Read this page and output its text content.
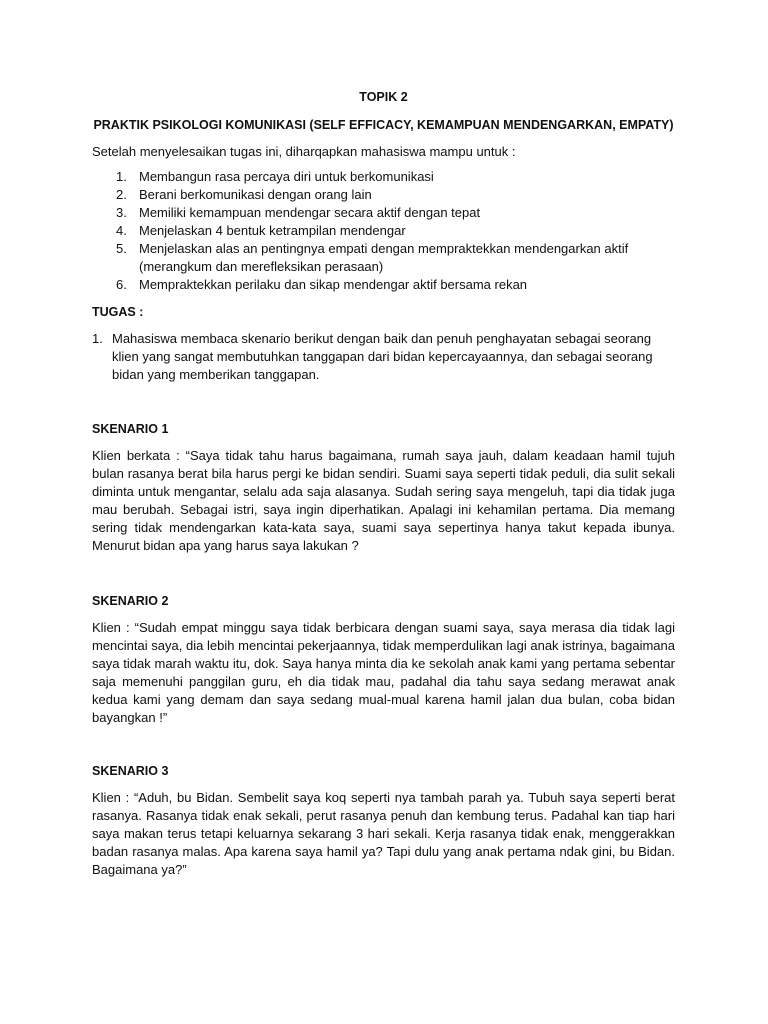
TOPIK 2
PRAKTIK PSIKOLOGI KOMUNIKASI (SELF EFFICACY, KEMAMPUAN MENDENGARKAN, EMPATY)
Setelah menyelesaikan tugas ini, diharqapkan mahasiswa mampu untuk :
1. Membangun rasa percaya diri untuk berkomunikasi
2. Berani berkomunikasi dengan orang lain
3. Memiliki kemampuan mendengar secara aktif dengan tepat
4. Menjelaskan 4 bentuk ketrampilan mendengar
5. Menjelaskan alas an pentingnya empati dengan mempraktekkan mendengarkan aktif (merangkum dan merefleksikan perasaan)
6. Mempraktekkan perilaku dan sikap mendengar aktif bersama rekan
TUGAS :
1. Mahasiswa membaca skenario berikut dengan baik dan penuh penghayatan sebagai seorang klien yang sangat membutuhkan tanggapan dari bidan kepercayaannya, dan sebagai seorang bidan yang memberikan tanggapan.
SKENARIO 1
Klien berkata : “Saya tidak tahu harus bagaimana, rumah saya jauh, dalam keadaan hamil tujuh bulan rasanya berat bila harus pergi ke bidan sendiri. Suami saya seperti tidak peduli, dia sulit sekali diminta untuk mengantar, selalu ada saja alasanya. Sudah sering saya mengeluh, tapi dia tidak juga mau berubah. Sebagai istri, saya ingin diperhatikan. Apalagi ini kehamilan pertama. Dia memang sering tidak mendengarkan kata-kata saya, suami saya sepertinya hanya takut kepada ibunya. Menurut bidan apa yang harus saya lakukan ?
SKENARIO 2
Klien : “Sudah empat minggu saya tidak berbicara dengan suami saya, saya merasa dia tidak lagi mencintai saya, dia lebih mencintai pekerjaannya, tidak memperdulikan lagi anak istrinya, bagaimana saya tidak marah waktu itu, dok. Saya hanya minta dia ke sekolah anak kami yang pertama sebentar saja memenuhi panggilan guru, eh dia tidak mau, padahal dia tahu saya sedang merawat anak kedua kami yang demam dan saya sedang mual-mual karena hamil jalan dua bulan, coba bidan bayangkan !”
SKENARIO 3
Klien : “Aduh, bu Bidan. Sembelit saya koq seperti nya tambah parah ya. Tubuh saya seperti berat rasanya. Rasanya tidak enak sekali, perut rasanya penuh dan kembung terus. Padahal kan tiap hari saya makan terus tetapi keluarnya sekarang 3 hari sekali. Kerja rasanya tidak enak, menggerakkan badan rasanya malas. Apa karena saya hamil ya? Tapi dulu yang anak pertama ndak gini, bu Bidan. Bagaimana ya?”
